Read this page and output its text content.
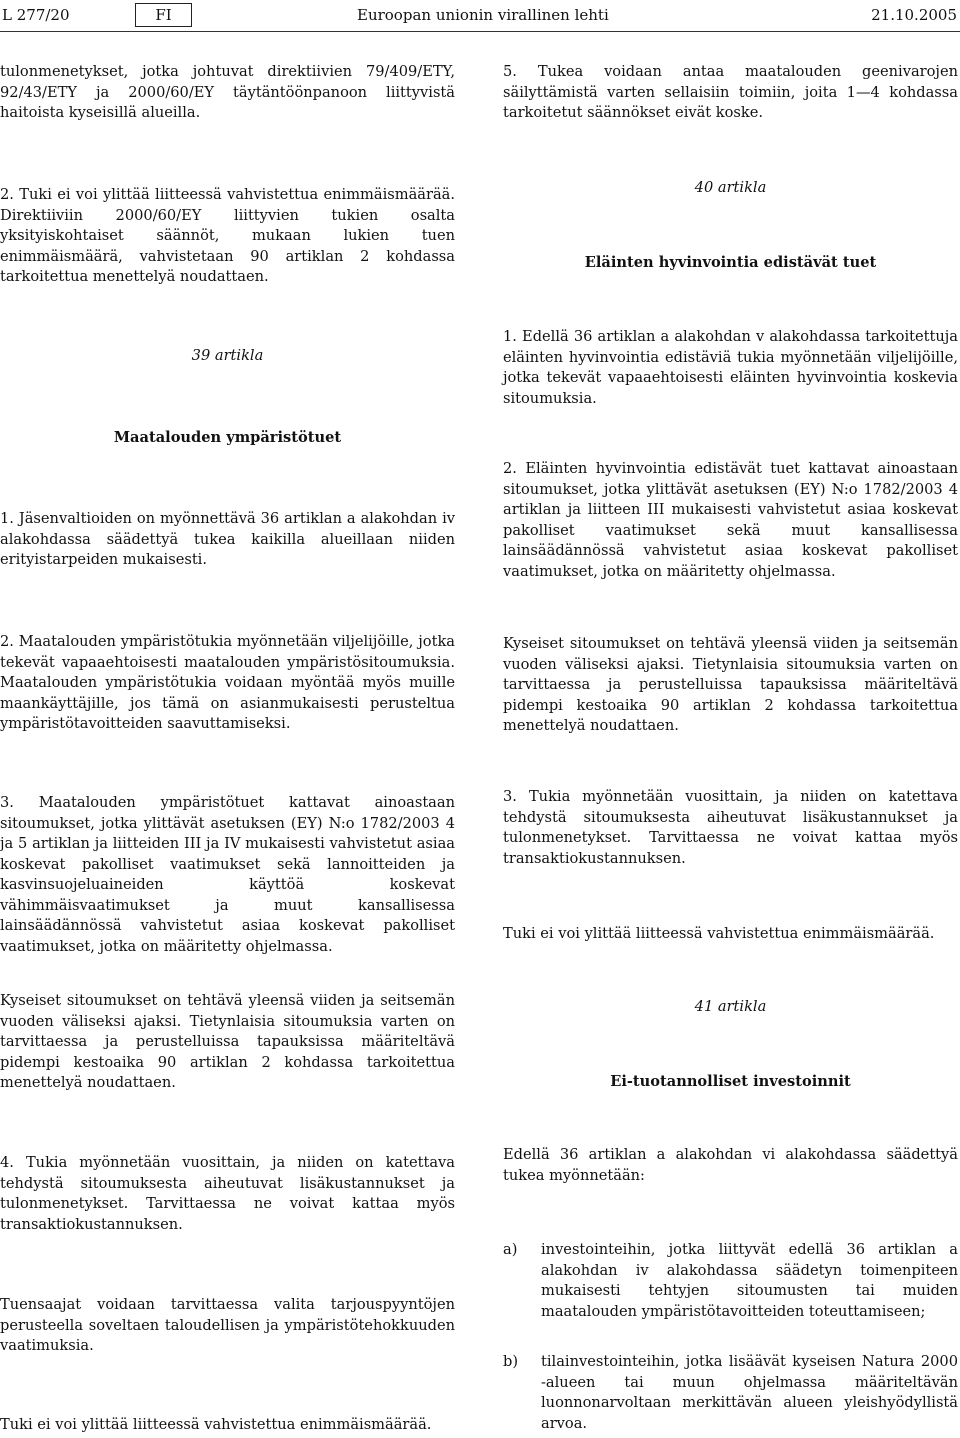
L 277/20	FI	Euroopan unionin virallinen lehti	21.10.2005

tulonmenetykset, jotka johtuvat direktiivien 79/409/ETY, 92/43/ETY ja 2000/60/EY täytäntöönpanoon liittyvistä haitoista kyseisillä alueilla.

2. Tuki ei voi ylittää liitteessä vahvistettua enimmäismäärää. Direktiiviin 2000/60/EY liittyvien tukien osalta yksityiskohtaiset säännöt, mukaan lukien tuen enimmäismäärä, vahvistetaan 90 artiklan 2 kohdassa tarkoitettua menettelyä noudattaen.

39 artikla
Maatalouden ympäristötuet

1. Jäsenvaltioiden on myönnettävä 36 artiklan a alakohdan iv alakohdassa säädettyä tukea kaikilla alueillaan niiden erityistarpeiden mukaisesti.

2. Maatalouden ympäristötukia myönnetään viljelijöille, jotka tekevät vapaaehtoisesti maatalouden ympäristösitoumuksia. Maatalouden ympäristötukia voidaan myöntää myös muille maankäyttäjille, jos tämä on asianmukaisesti perusteltua ympäristötavoitteiden saavuttamiseksi.

3. Maatalouden ympäristötuet kattavat ainoastaan sitoumukset, jotka ylittävät asetuksen (EY) N:o 1782/2003 4 ja 5 artiklan ja liitteiden III ja IV mukaisesti vahvistetut asiaa koskevat pakolliset vaatimukset sekä lannoitteiden ja kasvinsuojeluaineiden käyttöä koskevat vähimmäisvaatimukset ja muut kansallisessa lainsäädännössä vahvistetut asiaa koskevat pakolliset vaatimukset, jotka on määritetty ohjelmassa.

Kyseiset sitoumukset on tehtävä yleensä viiden ja seitsemän vuoden väliseksi ajaksi. Tietynlaisia sitoumuksia varten on tarvittaessa ja perustelluissa tapauksissa määriteltävä pidempi kestoaika 90 artiklan 2 kohdassa tarkoitettua menettelyä noudattaen.

4. Tukia myönnetään vuosittain, ja niiden on katettava tehdystä sitoumuksesta aiheutuvat lisäkustannukset ja tulonmenetykset. Tarvittaessa ne voivat kattaa myös transaktiokustannuksen.

Tuensaajat voidaan tarvittaessa valita tarjouspyyntöjen perusteella soveltaen taloudellisen ja ympäristötehokkuuden vaatimuksia.

Tuki ei voi ylittää liitteessä vahvistettua enimmäismäärää.

5. Tukea voidaan antaa maatalouden geenivarojen säilyttämistä varten sellaisiin toimiin, joita 1—4 kohdassa tarkoitetut säännökset eivät koske.

40 artikla
Eläinten hyvinvointia edistävät tuet

1. Edellä 36 artiklan a alakohdan v alakohdassa tarkoitettuja eläinten hyvinvointia edistäviä tukia myönnetään viljelijöille, jotka tekevät vapaaehtoisesti eläinten hyvinvointia koskevia sitoumuksia.

2. Eläinten hyvinvointia edistävät tuet kattavat ainoastaan sitoumukset, jotka ylittävät asetuksen (EY) N:o 1782/2003 4 artiklan ja liitteen III mukaisesti vahvistetut asiaa koskevat pakolliset vaatimukset sekä muut kansallisessa lainsäädännössä vahvistetut asiaa koskevat pakolliset vaatimukset, jotka on määritetty ohjelmassa.

Kyseiset sitoumukset on tehtävä yleensä viiden ja seitsemän vuoden väliseksi ajaksi. Tietynlaisia sitoumuksia varten on tarvittaessa ja perustelluissa tapauksissa määriteltävä pidempi kestoaika 90 artiklan 2 kohdassa tarkoitettua menettelyä noudattaen.

3. Tukia myönnetään vuosittain, ja niiden on katettava tehdystä sitoumuksesta aiheutuvat lisäkustannukset ja tulonmenetykset. Tarvittaessa ne voivat kattaa myös transaktiokustannuksen.

Tuki ei voi ylittää liitteessä vahvistettua enimmäismäärää.

41 artikla
Ei-tuotannolliset investoinnit

Edellä 36 artiklan a alakohdan vi alakohdassa säädettyä tukea myönnetään:

a)	investointeihin, jotka liittyvät edellä 36 artiklan a alakohdan iv alakohdassa säädetyn toimenpiteen mukaisesti tehtyjen sitoumusten tai muiden maatalouden ympäristötavoitteiden toteuttamiseen;
b)	tilainvestointeihin, jotka lisäävät kyseisen Natura 2000 -alueen tai muun ohjelmassa määriteltävän luonnonarvoltaan merkittävän alueen yleishyödyllistä arvoa.
